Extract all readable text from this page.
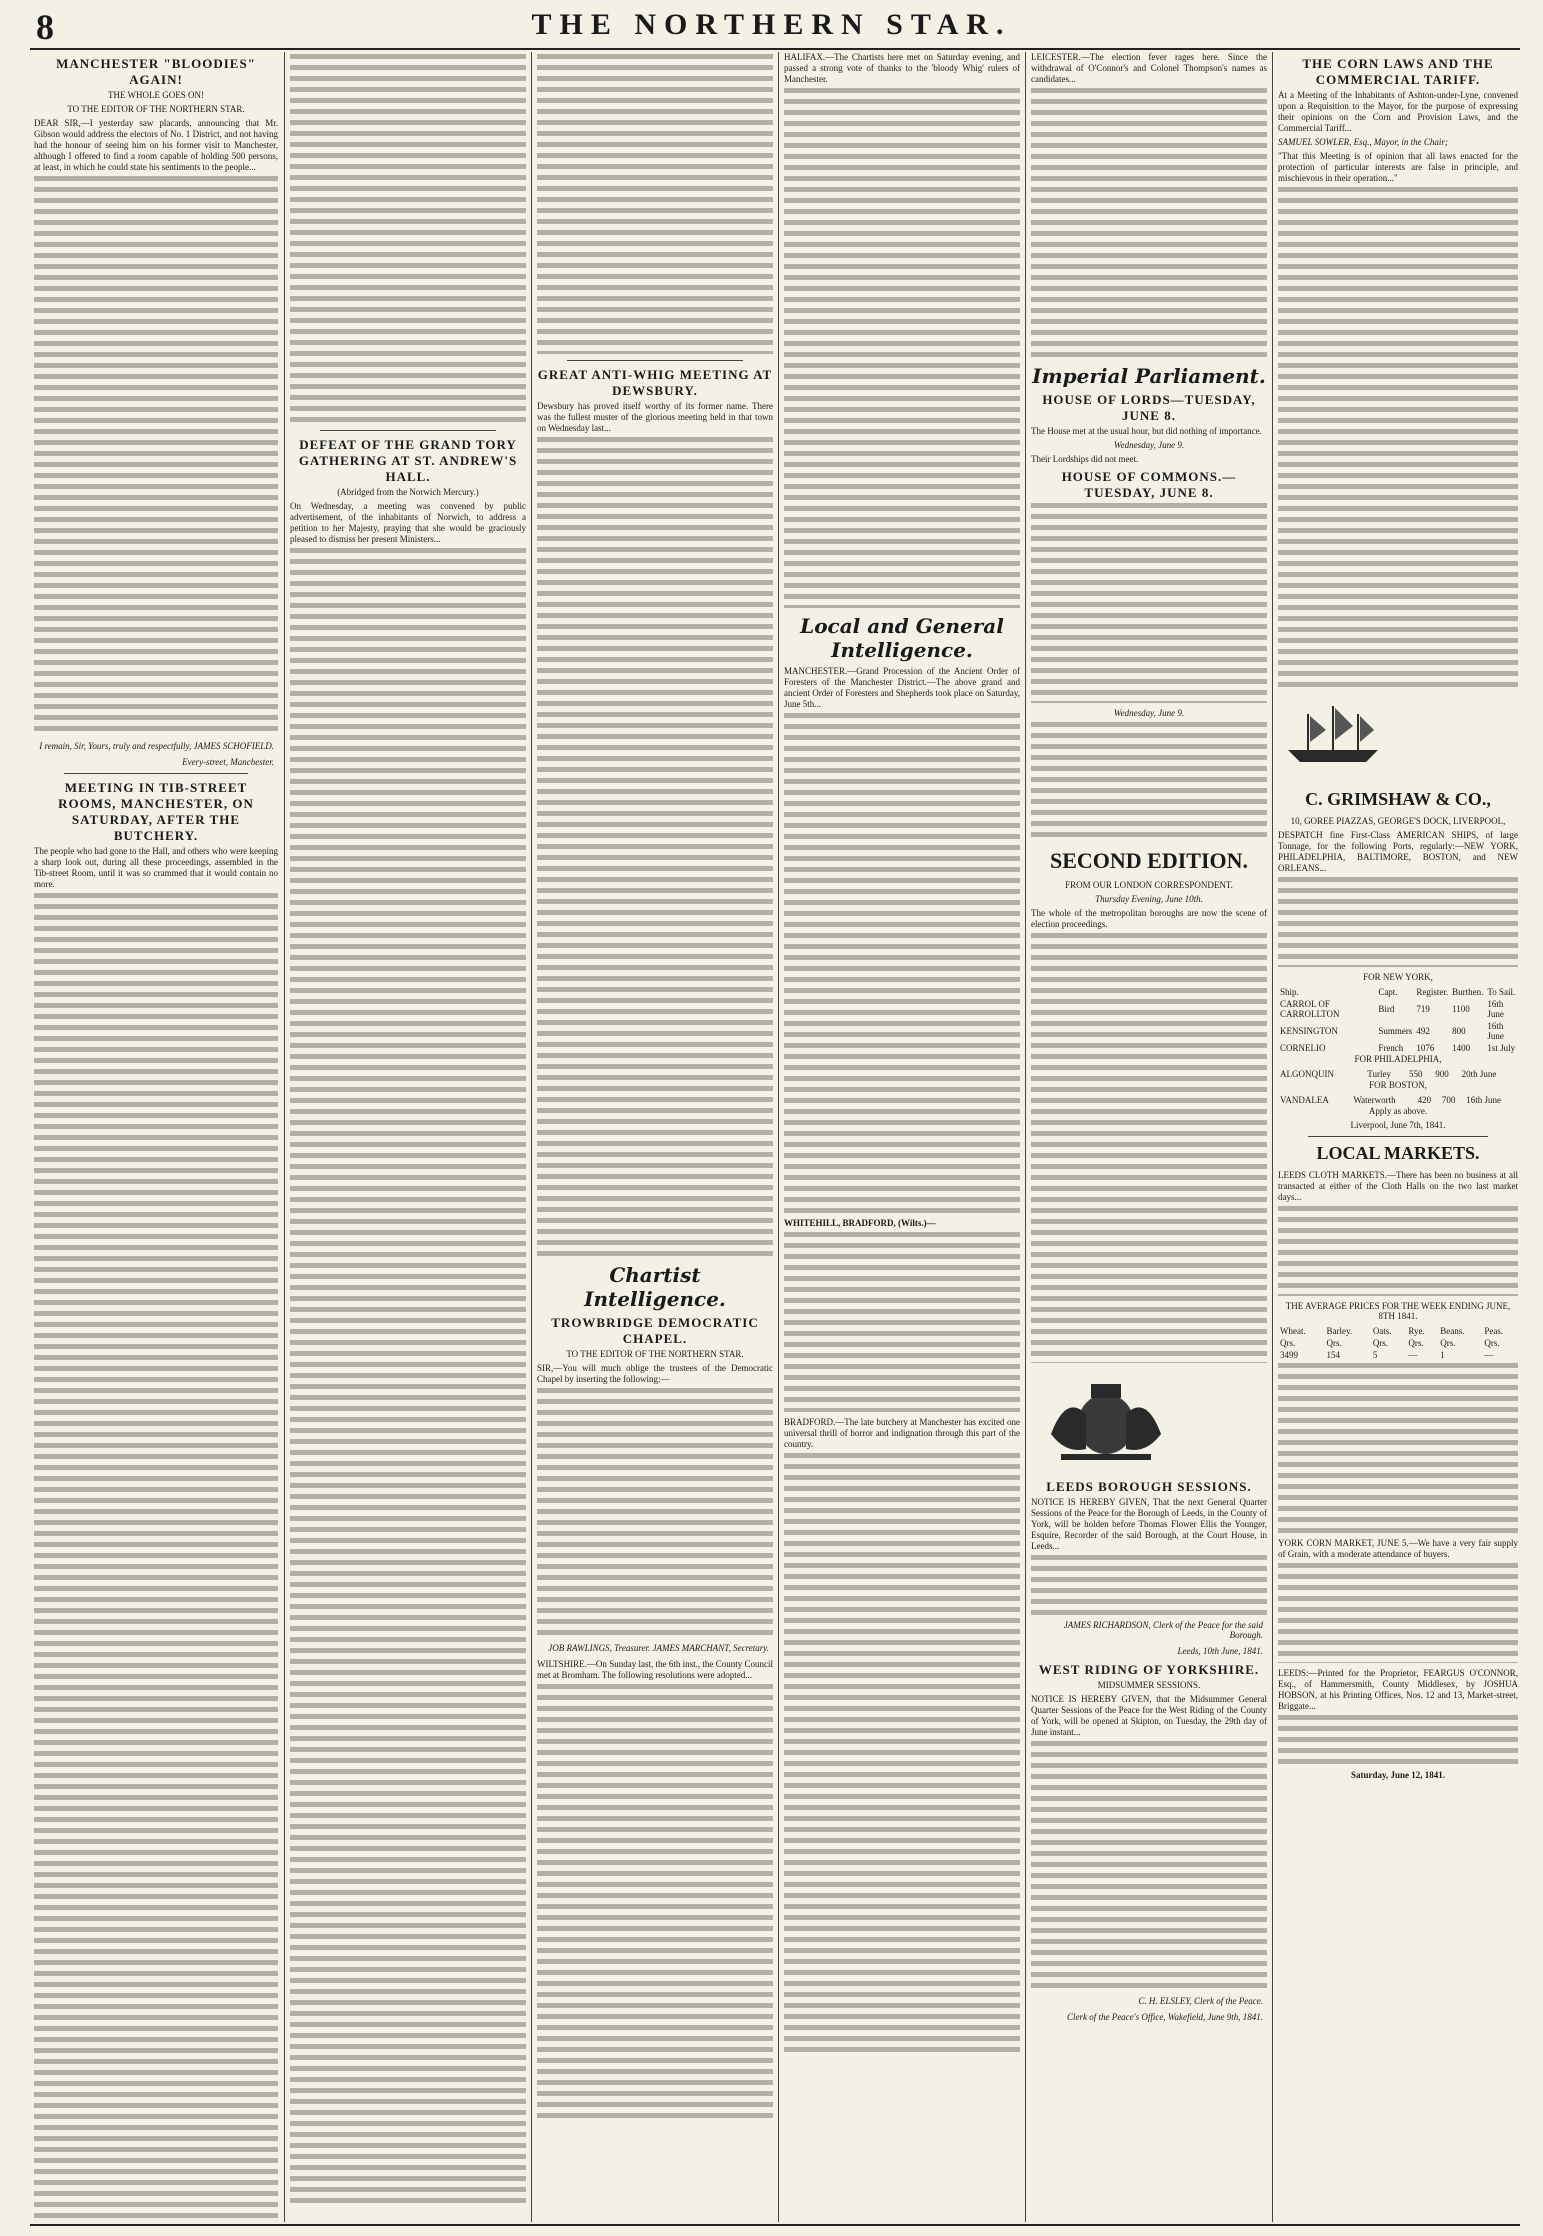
8	THE NORTHERN STAR.
MANCHESTER "BLOODIES" AGAIN!
THE WHOLE GOES ON!
TO THE EDITOR OF THE NORTHERN STAR.

DEAR SIR,—I yesterday saw placards, announcing that Mr. Gibson would address the electors of No. 1 District, and not having had the honour of seeing him on his former visit to Manchester, although I offered to find a room capable of holding 500 persons, at least, in which he could state his sentiments to the people...

I remain, Sir, Yours, truly and respectfully, JAMES SCHOFIELD.
Every-street, Manchester.
MEETING IN TIB-STREET ROOMS, MANCHESTER, ON SATURDAY, AFTER THE BUTCHERY.

The people who had gone to the Hall, and others who were keeping a sharp look out, during all these proceedings, assembled in the Tib-street Room, until it was so crammed that it would contain no more.

DEFEAT OF THE GRAND TORY GATHERING AT ST. ANDREW'S HALL.
(Abridged from the Norwich Mercury.)

On Wednesday, a meeting was convened by public advertisement, of the inhabitants of Norwich, to address a petition to her Majesty, praying that she would be graciously pleased to dismiss her present Ministers...

GREAT ANTI-WHIG MEETING AT DEWSBURY.

Dewsbury has proved itself worthy of its former name. There was the fullest muster of the glorious meeting held in that town on Wednesday last...

Chartist Intelligence.
TROWBRIDGE DEMOCRATIC CHAPEL.
TO THE EDITOR OF THE NORTHERN STAR.

SIR,—You will much oblige the trustees of the Democratic Chapel by inserting the following:—

JOB RAWLINGS, Treasurer. JAMES MARCHANT, Secretary.

WILTSHIRE.—On Sunday last, the 6th inst., the County Council met at Bromham. The following resolutions were adopted...

HALIFAX.—The Chartists here met on Saturday evening, and passed a strong vote of thanks to the 'bloody Whig' rulers of Manchester.

Local and General Intelligence.

MANCHESTER.—Grand Procession of the Ancient Order of Foresters of the Manchester District.—The above grand and ancient Order of Foresters and Shepherds took place on Saturday, June 5th...

WHITEHILL, BRADFORD, (Wilts.)—

BRADFORD.—The late butchery at Manchester has excited one universal thrill of horror and indignation through this part of the country.

LEICESTER.—The election fever rages here. Since the withdrawal of O'Connor's and Colonel Thompson's names as candidates...

Imperial Parliament.
HOUSE OF LORDS—TUESDAY, JUNE 8.

The House met at the usual hour, but did nothing of importance.

Wednesday, June 9.

Their Lordships did not meet.

HOUSE OF COMMONS.—TUESDAY, JUNE 8.
Wednesday, June 9.
SECOND EDITION.
FROM OUR LONDON CORRESPONDENT.
Thursday Evening, June 10th.

The whole of the metropolitan boroughs are now the scene of election proceedings.

LEEDS BOROUGH SESSIONS.

NOTICE IS HEREBY GIVEN, That the next General Quarter Sessions of the Peace for the Borough of Leeds, in the County of York, will be holden before Thomas Flower Ellis the Younger, Esquire, Recorder of the said Borough, at the Court House, in Leeds...

JAMES RICHARDSON, Clerk of the Peace for the said Borough.
Leeds, 10th June, 1841.
WEST RIDING OF YORKSHIRE.
MIDSUMMER SESSIONS.

NOTICE IS HEREBY GIVEN, that the Midsummer General Quarter Sessions of the Peace for the West Riding of the County of York, will be opened at Skipton, on Tuesday, the 29th day of June instant...

C. H. ELSLEY, Clerk of the Peace.
Clerk of the Peace's Office, Wakefield, June 9th, 1841.
THE CORN LAWS AND THE COMMERCIAL TARIFF.

At a Meeting of the Inhabitants of Ashton-under-Lyne, convened upon a Requisition to the Mayor, for the purpose of expressing their opinions on the Corn and Provision Laws, and the Commercial Tariff...

SAMUEL SOWLER, Esq., Mayor, in the Chair;

"That this Meeting is of opinion that all laws enacted for the protection of particular interests are false in principle, and mischievous in their operation..."

C. GRIMSHAW & CO.,
10, GOREE PIAZZAS, GEORGE'S DOCK, LIVERPOOL,

DESPATCH fine First-Class AMERICAN SHIPS, of large Tonnage, for the following Ports, regularly:—NEW YORK, PHILADELPHIA, BALTIMORE, BOSTON, and NEW ORLEANS...

FOR NEW YORK,
Ship.	Capt.	Register.	Burthen.	To Sail.
CARROL OF CARROLLTON	Bird	719	1100	16th June
KENSINGTON	Summers	492	800	16th June
CORNELIO	French	1076	1400	1st July
FOR PHILADELPHIA,
ALGONQUIN	Turley	550	900	20th June
FOR BOSTON,
VANDALEA	Waterworth	420	700	16th June
Apply as above.
Liverpool, June 7th, 1841.
LOCAL MARKETS.

LEEDS CLOTH MARKETS.—There has been no business at all transacted at either of the Cloth Halls on the two last market days...

THE AVERAGE PRICES FOR THE WEEK ENDING JUNE, 8TH 1841.
Wheat.	Barley.	Oats.	Rye.	Beans.	Peas.
Qrs.	Qrs.	Qrs.	Qrs.	Qrs.	Qrs.
3499	154	5	—	1	—

YORK CORN MARKET, JUNE 5.—We have a very fair supply of Grain, with a moderate attendance of buyers.

LEEDS:—Printed for the Proprietor, FEARGUS O'CONNOR, Esq., of Hammersmith, County Middlesex, by JOSHUA HOBSON, at his Printing Offices, Nos. 12 and 13, Market-street, Briggate...

Saturday, June 12, 1841.
